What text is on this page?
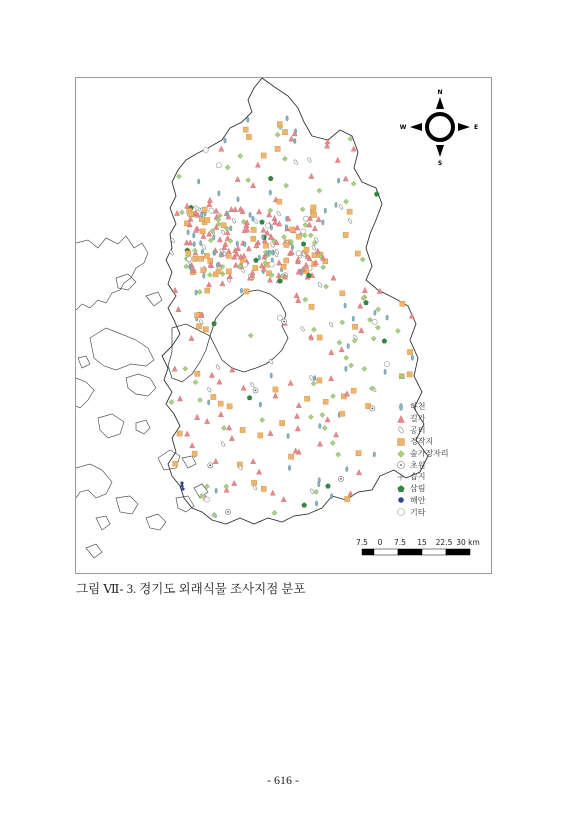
N
S
E
W
7.5 0 7.5 15 22.5 30 km
하천
길가
공터
경작지
숲가장자리
초원
습지
삼림
해안
기타
그림 Ⅶ- 3. 경기도 외래식물 조사지점 분포
- 616 -
